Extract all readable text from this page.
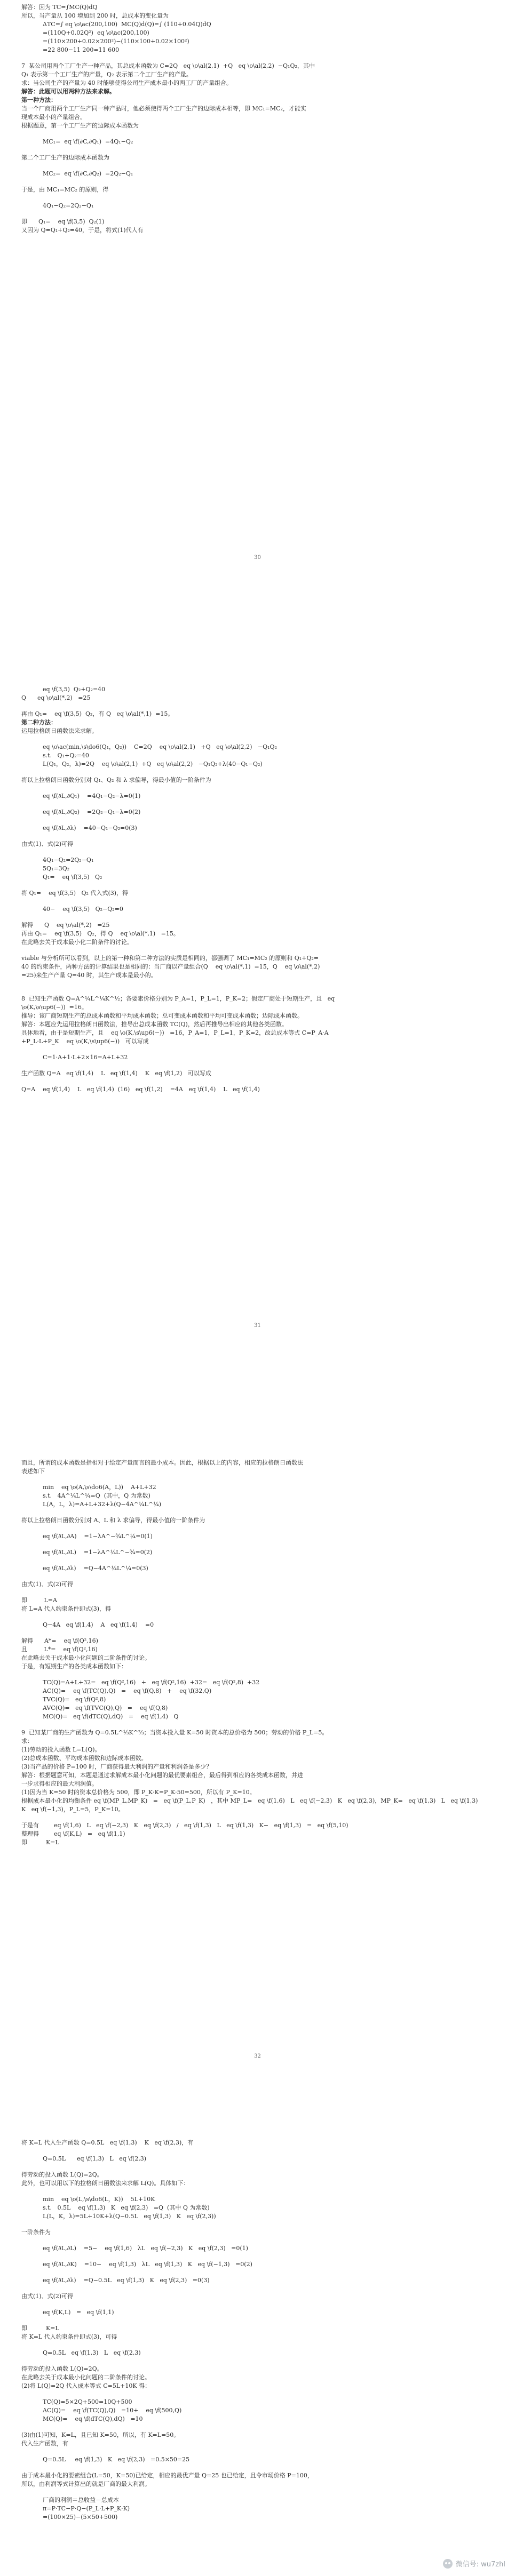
解答：因为 TC=∫MC(Q)dQ
所以，当产量从 100 增加到 200 时，总成本的变化量为
ΔTC=∫ eq \o\ac(200,100)  MC(Q)d(Q)=∫ (110+0.04Q)dQ
=(110Q+0.02Q²)  eq \o\ac(200,100)
=(110×200+0.02×200²)−(110×100+0.02×100²)
=22 800−11 200=11 600
7  某公司用两个工厂生产一种产品，其总成本函数为 C=2Q   eq \o\al(2,1)  +Q   eq \o\al(2,2)  −Q₁Q₂，其中
Q₁ 表示第一个工厂生产的产量，Q₂ 表示第二个工厂生产的产量。
求：当公司生产的产量为 40 时能够使得公司生产成本最小的两工厂的产量组合。
解答：此题可以用两种方法来求解。
第一种方法：
当一个厂商用两个工厂生产同一种产品时，他必须使得两个工厂生产的边际成本相等，即 MC₁=MC₂，才能实
现成本最小的产量组合。
根据题意，第一个工厂生产的边际成本函数为
MC₁=  eq \f(∂C,∂Q₁)  =4Q₁−Q₂
第二个工厂生产的边际成本函数为
MC₂=  eq \f(∂C,∂Q₂)  =2Q₂−Q₁
于是，由 MC₁=MC₂ 的原则，得
4Q₁−Q₂=2Q₂−Q₁
即      Q₁=    eq \f(3,5)  Q₂(1)
又因为 Q=Q₁+Q₂=40，于是，将式(1)代人有
30
eq \f(3,5)  Q₂+Q₂=40
Q      eq \o\al(*,2)   =25
再由 Q₁=    eq \f(3,5)  Q₂，有 Q   eq \o\al(*,1)  =15。
第二种方法：
运用拉格朗日函数法来求解。
eq \o\ac(min,\s\do6(Q₁，Q₂))    C=2Q    eq \o\al(2,1)   +Q   eq \o\al(2,2)   −Q₁Q₂
s.t.   Q₁+Q₂=40
L(Q₁，Q₂，λ)=2Q    eq \o\al(2,1)  +Q   eq \o\al(2,2)   −Q₁Q₂+λ(40−Q₁−Q₂)
将以上拉格朗日函数分别对 Q₁、Q₂ 和 λ 求偏导，得最小值的一阶条件为
eq \f(∂L,∂Q₁)    =4Q₁−Q₂−λ=0(1)
eq \f(∂L,∂Q₂)    =2Q₂−Q₁−λ=0(2)
eq \f(∂L,∂λ)    =40−Q₁−Q₂=0(3)
由式(1)、式(2)可得
4Q₁−Q₂=2Q₂−Q₁
5Q₁=3Q₂
Q₁=    eq \f(3,5)   Q₂
将 Q₁=    eq \f(3,5)   Q₂ 代入式(3)，得
40−    eq \f(3,5)   Q₂−Q₂=0
解得      Q    eq \o\al(*,2)   =25
再由 Q₁=    eq \f(3,5)   Q₂，得 Q    eq \o\al(*,1)   =15。
在此略去关于成本最小化二阶条件的讨论。
viable 与分析所可以看到，以上的第一种和第二种方法的实质是相同的，都强调了 MC₁=MC₂ 的原则和 Q₁+Q₂=
40 的约束条件，两种方法的计算结果也是相同的：当厂商以产量组合(Q    eq \o\al(*,1)  =15，Q    eq \o\al(*,2)
=25)来生产产量 Q=40 时，其生产成本是最小的。
8  已知生产函数 Q=A^¼L^¼K^½；各要素价格分别为 P_A=1，P_L=1，P_K=2；假定厂商处于短期生产，且   eq
\o(K,\s\up6(−))  =16。
推导：该厂商短期生产的总成本函数和平均成本函数；总可变成本函数和平均可变成本函数；边际成本函数。
解答：本题应先运用拉格朗日函数法，推导出总成本函数 TC(Q)，然后再推导出相应的其他各类函数。
具体地看，由于是短期生产，且    eq \o(K,\s\up6(−))   =16，P_A=1，P_L=1，P_K=2，故总成本等式 C=P_A·A
+P_L·L+P_K    eq \o(K,\s\up6(−))   可以写成
C=1·A+1·L+2×16=A+L+32
生产函数 Q=A   eq \f(1,4)    L   eq \f(1,4)    K   eq \f(1,2)   可以写成
Q=A    eq \f(1,4)    L   eq \f(1,4)  (16)   eq \f(1,2)    =4A   eq \f(1,4)    L   eq \f(1,4)
31
而且，所谓的成本函数是指相对于给定产量而言的最小成本。因此，根据以上的内容，相应的拉格朗日函数法
表述如下
min    eq \o(A,\s\do6(A，L))    A+L+32
s.t.   4A^¼L^¼=Q  (其中，Q 为常数)
L(A，L，λ)=A+L+32+λ(Q−4A^¼L^¼)
将以上拉格朗日函数分别对 A、L 和 λ 求偏导，得最小值的一阶条件为
eq \f(∂L,∂A)    =1−λA^−¾L^¼=0(1)
eq \f(∂L,∂L)    =1−λA^¼L^−¾=0(2)
eq \f(∂L,∂λ)    =Q−4A^¼L^¼=0(3)
由式(1)、式(2)可得
即         L=A
将 L=A 代入约束条件即式(3)，得
Q−4A   eq \f(1,4)    A   eq \f(1,4)    =0
解得      A*=    eq \f(Q²,16)
且         L*=    eq \f(Q²,16)
在此略去关于成本最小化问题的二阶条件的讨论。
于是，有短期生产的各类成本函数如下：
TC(Q)=A+L+32=   eq \f(Q²,16)   +   eq \f(Q²,16)  +32=   eq \f(Q²,8)  +32
AC(Q)=    eq \f(TC(Q),Q)   =    eq \f(Q,8)   +    eq \f(32,Q)
TVC(Q)=   eq \f(Q²,8)
AVC(Q)=   eq \f(TVC(Q),Q)   =    eq \f(Q,8)
MC(Q)=   eq \f(dTC(Q),dQ)   =    eq \f(1,4)   Q
9  已知某厂商的生产函数为 Q=0.5L^⅓K^⅔；当资本投入量 K=50 时资本的总价格为 500；劳动的价格 P_L=5。
求：
(1)劳动的投入函数 L=L(Q)。
(2)总成本函数、平均成本函数和边际成本函数。
(3)当产品的价格 P=100 时，厂商获得最大利润的产量和利润各是多少？
解答：根据题意可知，本题是通过求解成本最小化问题的最优要素组合，最后得到相应的各类成本函数，并进
一步求得相应的最大利润值。
(1)因为当 K=50 时的资本总价格为 500，即 P_K·K=P_K·50=500，所以有 P_K=10。
根据成本最小化的均衡条件 eq \f(MP_L,MP_K)   =   eq \f(P_L,P_K)   ，其中 MP_L=   eq \f(1,6)   L   eq \f(−2,3)   K   eq \f(2,3)，MP_K=   eq \f(1,3)   L   eq \f(1,3)
K   eq \f(−1,3)，P_L=5，P_K=10。
于是有        eq \f(1,6)   L   eq \f(−2,3)   K   eq \f(2,3)   /   eq \f(1,3)   L   eq \f(1,3)   K−   eq \f(1,3)   =   eq \f(5,10)
整理得        eq \f(K,L)   =   eq \f(1,1)
即          K=L
32
将 K=L 代入生产函数 Q=0.5L   eq \f(1,3)    K   eq \f(2,3)，有
Q=0.5L      eq \f(1,3)   L   eq \f(2,3)
得劳动的投入函数 L(Q)=2Q。
此外，也可以用以下的拉格朗日函数法来求解 L(Q)。具体如下：
min    eq \o(L,\s\do6(L，K))    5L+10K
s.t.   0.5L    eq \f(1,3)   K   eq \f(2,3)   =Q  (其中 Q 为常数)
L(L，K，λ)=5L+10K+λ(Q−0.5L   eq \f(1,3)   K   eq \f(2,3))
一阶条件为
eq \f(∂L,∂L)    =5−    eq \f(1,6)   λL   eq \f(−2,3)   K   eq \f(2,3)   =0(1)
eq \f(∂L,∂K)    =10−    eq \f(1,3)   λL   eq \f(1,3)   K   eq \f(−1,3)   =0(2)
eq \f(∂L,∂λ)    =Q−0.5L   eq \f(1,3)   K   eq \f(2,3)   =0(3)
由式(1)、式(2)可得
eq \f(K,L)   =   eq \f(1,1)
即          K=L
将 K=L 代入约束条件即式(3)，可得
Q=0.5L   eq \f(1,3)   L   eq \f(2,3)
得劳动的投入函数 L(Q)=2Q。
在此略去关于成本最小化问题的二阶条件的讨论。
(2)将 L(Q)=2Q 代入成本等式 C=5L+10K 得：
TC(Q)=5×2Q+500=10Q+500
AC(Q)=    eq \f(TC(Q),Q)   =10+    eq \f(500,Q)
MC(Q)=    eq \f(dTC(Q),dQ)   =10
(3)由(1)可知，K=L，且已知 K=50，所以，有 K=L=50。
代入生产函数，有
Q=0.5L     eq \f(1,3)   K   eq \f(2,3)   =0.5×50=25
由于成本最小化的要素组合(L=50，K=50)已给定，相应的最优产量 Q=25 也已给定，且令市场价格 P=100，
所以，由利润等式计算出的就是厂商的最大利润。
厂商的利润＝总收益－总成本
π=P·TC−P·Q−(P_L·L+P_K·K)
=(100×25)−(5×50+500)
微信号: wu7zhl
